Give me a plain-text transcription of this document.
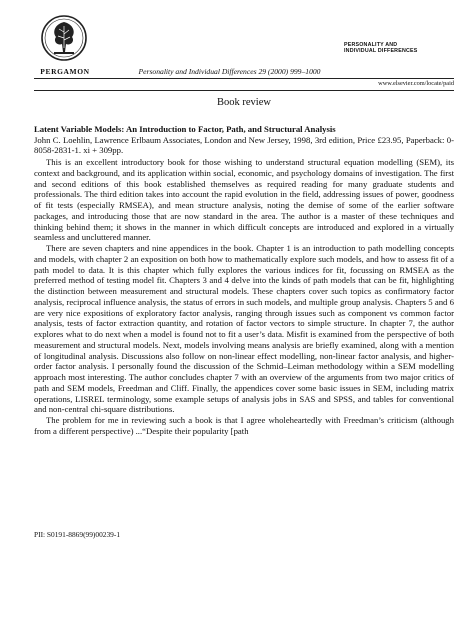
PERGAMON	Personality and Individual Differences 29 (2000) 999–1000
PERSONALITY AND
INDIVIDUAL DIFFERENCES
www.elsevier.com/locate/paid
Book review
Latent Variable Models: An Introduction to Factor, Path, and Structural Analysis
John C. Loehlin, Lawrence Erlbaum Associates, London and New Jersey, 1998, 3rd edition, Price £23.95, Paperback: 0-8058-2831-1. xi + 309pp.

This is an excellent introductory book for those wishing to understand structural equation modelling (SEM), its context and background, and its application within social, economic, and psychology domains of investigation. The first and second editions of this book established themselves as required reading for many graduate students and professionals. The third edition takes into account the rapid evolution in the field, addressing issues of power, goodness of fit tests (especially RMSEA), and mean structure analysis, noting the demise of some of the earlier software packages, and introducing those that are now standard in the area. The author is a master of these techniques and thinking behind them; it shows in the manner in which difficult concepts are introduced and explored in a virtually seamless and uncluttered manner.

There are seven chapters and nine appendices in the book. Chapter 1 is an introduction to path modelling concepts and models, with chapter 2 an exposition on both how to mathematically explore such models, and how to assess fit of a path model to data. It is this chapter which fully explores the various indices for fit, focussing on RMSEA as the preferred method of testing model fit. Chapters 3 and 4 delve into the kinds of path models that can be fit, highlighting the distinction between measurement and structural models. These chapters cover such topics as confirmatory factor analysis, reciprocal influence analysis, the status of errors in such models, and multiple group analysis. Chapters 5 and 6 are very nice expositions of exploratory factor analysis, ranging through issues such as component vs common factor analysis, tests of factor extraction quantity, and rotation of factor vectors to simple structure. In chapter 7, the author explores what to do next when a model is found not to fit a user’s data. Misfit is examined from the perspective of both measurement and structural models. Next, models involving means analysis are briefly examined, along with a mention of longitudinal analysis. Discussions also follow on non-linear effect modelling, non-linear factor analysis, and higher-order factor analysis. I personally found the discussion of the Schmid–Leiman methodology within a SEM modelling approach most interesting. The author concludes chapter 7 with an overview of the arguments from two major critics of path and SEM models, Freedman and Cliff. Finally, the appendices cover some basic issues in SEM, including matrix operations, LISREL terminology, some example setups of analysis jobs in SAS and SPSS, and tables for conventional and non-central chi-square distributions.

The problem for me in reviewing such a book is that I agree wholeheartedly with Freedman’s criticism (although from a different perspective) ...“Despite their popularity [path

PII: S0191-8869(99)00239-1
